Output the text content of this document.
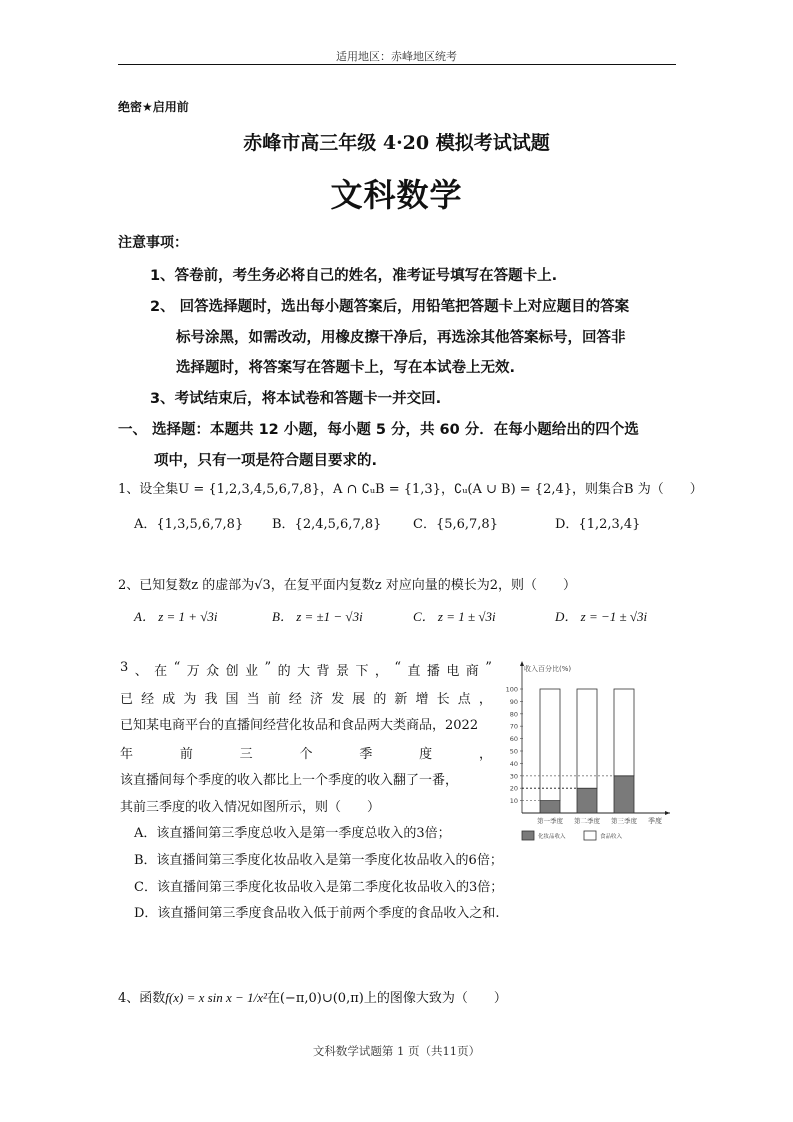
适用地区：赤峰地区统考
绝密★启用前
赤峰市高三年级 4·20 模拟考试试题
文科数学
注意事项：
1、答卷前，考生务必将自己的姓名，准考证号填写在答题卡上.
2、 回答选择题时，选出每小题答案后，用铅笔把答题卡上对应题目的答案
标号涂黑，如需改动，用橡皮擦干净后，再选涂其他答案标号，回答非
选择题时，将答案写在答题卡上，写在本试卷上无效.
3、考试结束后，将本试卷和答题卡一并交回.
一、 选择题：本题共 12 小题，每小题 5 分，共 60 分．在每小题给出的四个选
项中，只有一项是符合题目要求的.
1、设全集U = {1,2,3,4,5,6,7,8}，A ∩ ∁ᵤB = {1,3}，∁ᵤ(A ∪ B) = {2,4}，则集合B 为（　　）
A．{1,3,5,6,7,8} B．{2,4,5,6,7,8} C．{5,6,7,8}	D．{1,2,3,4}
2、已知复数z 的虚部为√3，在复平面内复数z 对应向量的模长为2，则（　　）
A． z = 1 + √3i	B． z = ±1 − √3i	C． z = 1 ± √3i	D． z = −1 ± √3i
3 、 在 “ 万 众 创 业 ” 的 大 背 景 下 ， “ 直 播 电 商 ”
已 经 成 为 我 国 当 前 经 济 发 展 的 新 增 长 点 ，
已知某电商平台的直播间经营化妆品和食品两大类商品，2022
年	前	三	个	季	度	，
该直播间每个季度的收入都比上一个季度的收入翻了一番，
其前三季度的收入情况如图所示，则（　　）
A．该直播间第三季度总收入是第一季度总收入的3倍；
B．该直播间第三季度化妆品收入是第一季度化妆品收入的6倍；
C．该直播间第三季度化妆品收入是第二季度化妆品收入的3倍；
D．该直播间第三季度食品收入低于前两个季度的食品收入之和.
收入百分比(%)
季度
10
20
30
40
50
60
70
80
90
100
第一季度 第二季度 第三季度
化妆品收入	食品收入
4、函数f(x) = x sin x − 1/x²在(−π,0)∪(0,π)上的图像大致为（　　）
文科数学试题第 1 页（共11页）
